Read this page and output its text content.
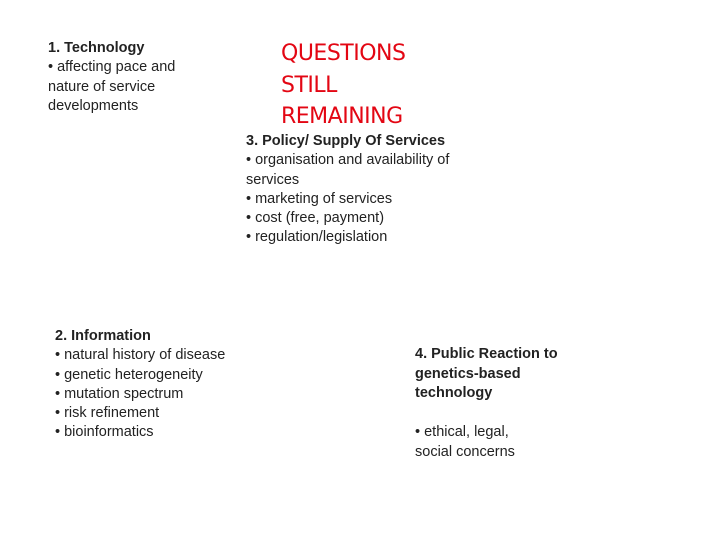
QUESTIONS
STILL
REMAINING
1. Technology
• affecting pace and
nature of service
developments
3. Policy/ Supply Of Services
• organisation and availability of
services
• marketing of services
• cost (free, payment)
• regulation/legislation
2. Information
• natural history of disease
• genetic heterogeneity
• mutation spectrum
• risk refinement
• bioinformatics
4. Public Reaction to
genetics-based
technology
• ethical, legal,
social concerns
